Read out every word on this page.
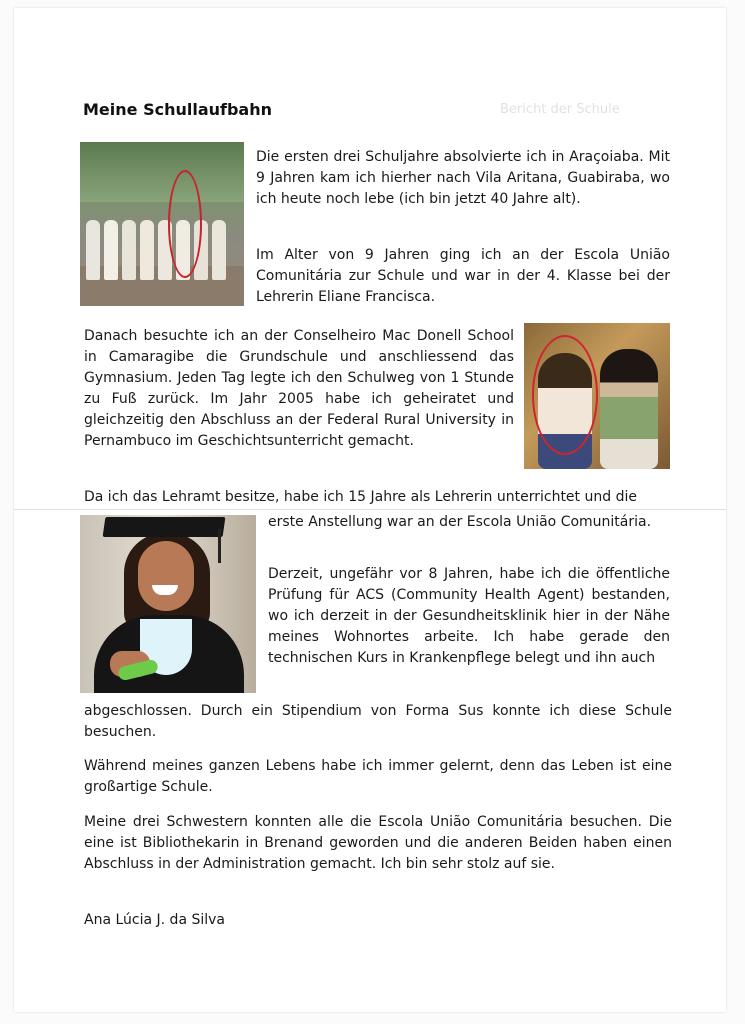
Bericht der Schule
Meine Schullaufbahn

Die ersten drei Schuljahre absolvierte ich in Araçoiaba. Mit 9 Jahren kam ich hierher nach Vila Aritana, Guabiraba, wo ich heute noch lebe (ich bin jetzt 40 Jahre alt).

Im Alter von 9 Jahren ging ich an der Escola União Comunitária zur Schule und war in der 4. Klasse bei der Lehrerin Eliane Francisca.

Danach besuchte ich an der Conselheiro Mac Donell School in Camaragibe die Grundschule und anschliessend das Gymnasium. Jeden Tag legte ich den Schulweg von 1 Stunde zu Fuß zurück. Im Jahr 2005 habe ich geheiratet und gleichzeitig den Abschluss an der Federal Rural University in Pernambuco im Geschichtsunterricht gemacht.

Da ich das Lehramt besitze, habe ich 15 Jahre als Lehrerin unterrichtet und die

erste Anstellung war an der Escola União Comunitária.

Derzeit, ungefähr vor 8 Jahren, habe ich die öffentliche Prüfung für ACS (Community Health Agent) bestanden, wo ich derzeit in der Gesundheitsklinik hier in der Nähe meines Wohnortes arbeite. Ich habe gerade den technischen Kurs in Krankenpflege belegt und ihn auch

abgeschlossen. Durch ein Stipendium von Forma Sus konnte ich diese Schule besuchen.

Während meines ganzen Lebens habe ich immer gelernt, denn das Leben ist eine großartige Schule.

Meine drei Schwestern konnten alle die Escola União Comunitária besuchen. Die eine ist Bibliothekarin in Brenand geworden und die anderen Beiden haben einen Abschluss in der Administration gemacht. Ich bin sehr stolz auf sie.

Ana Lúcia J. da Silva
